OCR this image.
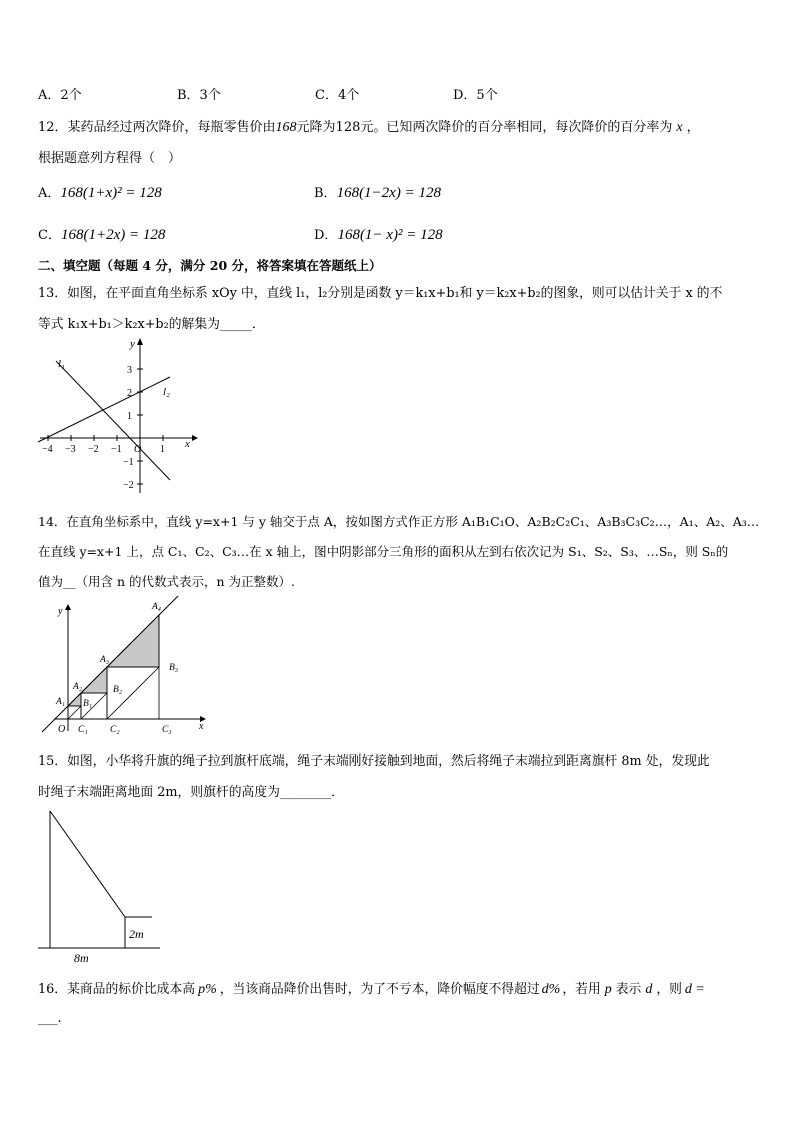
A．2个	B．3个	C．4个	D．5个
12．某药品经过两次降价，每瓶零售价由168元降为128元。已知两次降价的百分率相同，每次降价的百分率为 x ，
根据题意列方程得（　）
A．168(1+x)² = 128	B．168(1−2x) = 128
C．168(1+2x) = 128	D．168(1− x)² = 128
二、填空题（每题 4 分，满分 20 分，将答案填在答题纸上）
13．如图，在平面直角坐标系 xOy 中，直线 l₁，l₂分别是函数 y＝k₁x+b₁和 y＝k₂x+b₂的图象，则可以估计关于 x 的不
等式 k₁x+b₁＞k₂x+b₂的解集为_____．
−4 −3 −2 −1 O 1
3
2
1
−1
−2
x
y
l₁
l₂
14．在直角坐标系中，直线 y=x+1 与 y 轴交于点 A，按如图方式作正方形 A₁B₁C₁O、A₂B₂C₂C₁、A₃B₃C₃C₂…，A₁、A₂、A₃…
在直线 y=x+1 上，点 C₁、C₂、C₃…在 x 轴上，图中阴影部分三角形的面积从左到右依次记为 S₁、S₂、S₃、…Sₙ，则 Sₙ的
值为__（用含 n 的代数式表示，n 为正整数）.
y
x
O
A₁ B₁
C₁
A₂	B₂
C₂
A₃
B₃
C₃
A₄
15．如图，小华将升旗的绳子拉到旗杆底端，绳子末端刚好接触到地面，然后将绳子末端拉到距离旗杆 8m 处，发现此
时绳子末端距离地面 2m，则旗杆的高度为________．
2m
8m
16．某商品的标价比成本高 p% ，当该商品降价出售时，为了不亏本，降价幅度不得超过 d% ，若用 p 表示 d ，则 d =
___.
